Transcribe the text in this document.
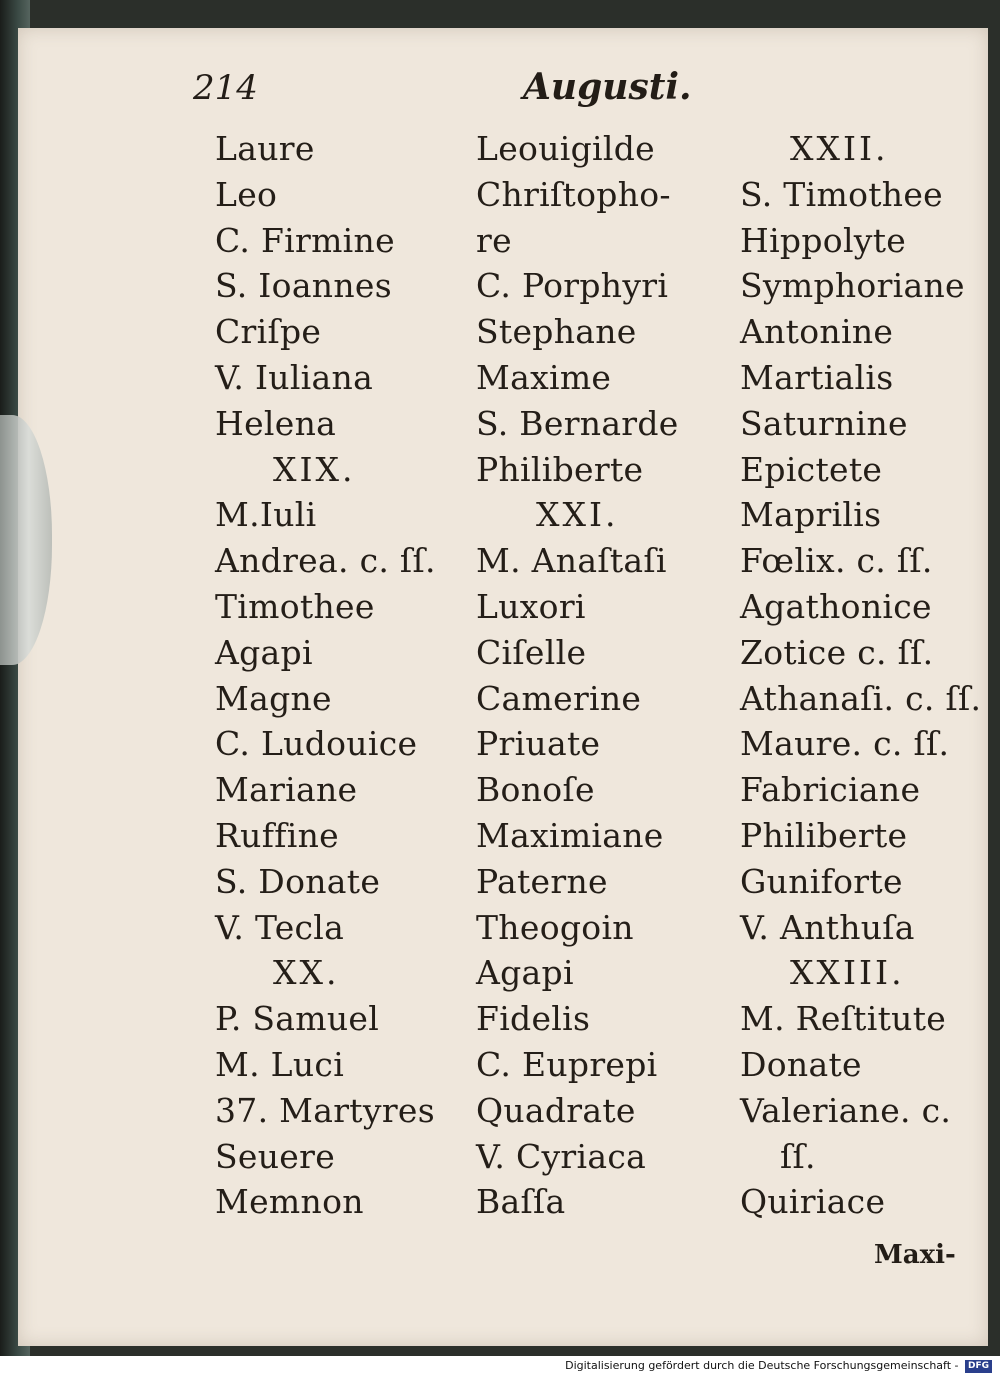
214	Augusti.
Laure
Leo
C. Firmine
S. Ioannes
Criſpe
V. Iuliana
Helena
XIX.
M.Iuli
Andrea. c. ſſ.
Timothee
Agapi
Magne
C. Ludouice
Mariane
Ruffine
S. Donate
V. Tecla
XX.
P. Samuel
M. Luci
37. Martyres
Seuere
Memnon
Leouigilde
Chriſtopho-
re
C. Porphyri
Stephane
Maxime
S. Bernarde
Philiberte
XXI.
M. Anaſtaſi
Luxori
Ciſelle
Camerine
Priuate
Bonoſe
Maximiane
Paterne
Theogoin
Agapi
Fidelis
C. Euprepi
Quadrate
V. Cyriaca
Baſſa
XXII.
S. Timothee
Hippolyte
Symphoriane
Antonine
Martialis
Saturnine
Epictete
Maprilis
Fœlix. c. ſſ.
Agathonice
Zotice c. ſſ.
Athanaſi. c. ſſ.
Maure. c. ſſ.
Fabriciane
Philiberte
Guniforte
V. Anthuſa
XXIII.
M. Reſtitute
Donate
Valeriane. c.
ſſ.
Quiriace
Maxi-
Digitalisierung gefördert durch die Deutsche Forschungsgemeinschaft - DFG
